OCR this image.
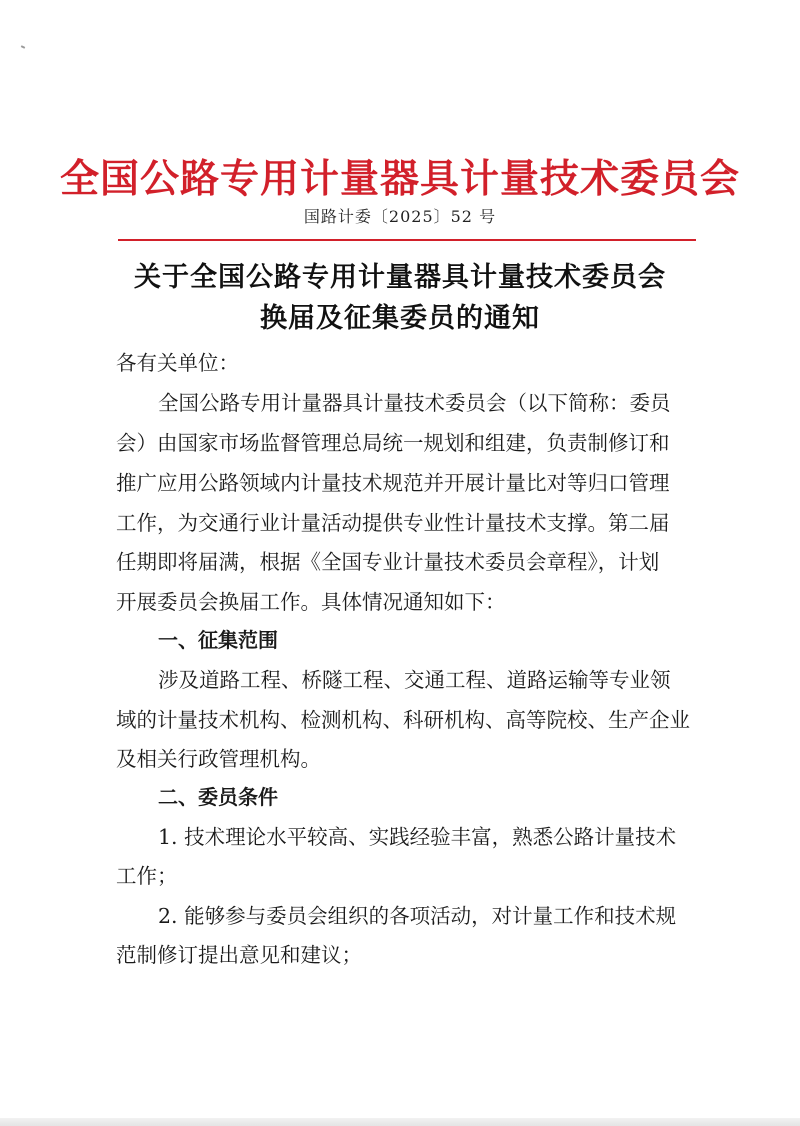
全国公路专用计量器具计量技术委员会
国路计委〔2025〕52 号
关于全国公路专用计量器具计量技术委员会
换届及征集委员的通知
各有关单位：
全国公路专用计量器具计量技术委员会（以下简称：委员
会）由国家市场监督管理总局统一规划和组建，负责制修订和
推广应用公路领域内计量技术规范并开展计量比对等归口管理
工作，为交通行业计量活动提供专业性计量技术支撑。第二届
任期即将届满，根据《全国专业计量技术委员会章程》，计划
开展委员会换届工作。具体情况通知如下：
一、征集范围
涉及道路工程、桥隧工程、交通工程、道路运输等专业领
域的计量技术机构、检测机构、科研机构、高等院校、生产企业
及相关行政管理机构。
二、委员条件
1. 技术理论水平较高、实践经验丰富，熟悉公路计量技术
工作；
2. 能够参与委员会组织的各项活动，对计量工作和技术规
范制修订提出意见和建议；
